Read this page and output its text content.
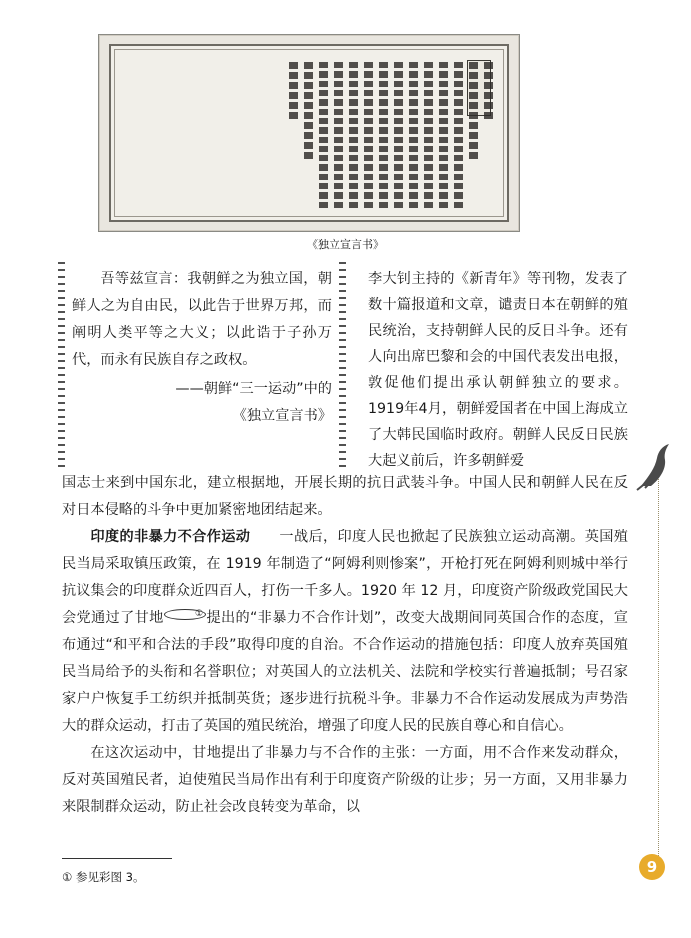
《独立宣言书》
吾等兹宣言：我朝鲜之为独立国，朝鲜人之为自由民，以此告于世界万邦，而阐明人类平等之大义；以此诰于子孙万代，而永有民族自存之政权。
——朝鲜“三一运动”中的
《独立宣言书》
李大钊主持的《新青年》等刊物，发表了数十篇报道和文章，谴责日本在朝鲜的殖民统治，支持朝鲜人民的反日斗争。还有人向出席巴黎和会的中国代表发出电报，敦促他们提出承认朝鲜独立的要求。1919年4月，朝鲜爱国者在中国上海成立了大韩民国临时政府。朝鲜人民反日民族大起义前后，许多朝鲜爱

国志士来到中国东北，建立根据地，开展长期的抗日武装斗争。中国人民和朝鲜人民在反对日本侵略的斗争中更加紧密地团结起来。

印度的非暴力不合作运动　　一战后，印度人民也掀起了民族独立运动高潮。英国殖民当局采取镇压政策，在 1919 年制造了“阿姆利则惨案”，开枪打死在阿姆利则城中举行抗议集会的印度群众近四百人，打伤一千多人。1920 年 12 月，印度资产阶级政党国民大会党通过了甘地	① 提出的“非暴力不合作计划”，改变大战期间同英国合作的态度，宣布通过“和平和合法的手段”取得印度的自治。不合作运动的措施包括：印度人放弃英国殖民当局给予的头衔和名誉职位；对英国人的立法机关、法院和学校实行普遍抵制；号召家家户户恢复手工纺织并抵制英货；逐步进行抗税斗争。非暴力不合作运动发展成为声势浩大的群众运动，打击了英国的殖民统治，增强了印度人民的民族自尊心和自信心。

在这次运动中，甘地提出了非暴力与不合作的主张：一方面，用不合作来发动群众，反对英国殖民者，迫使殖民当局作出有利于印度资产阶级的让步；另一方面，又用非暴力来限制群众运动，防止社会改良转变为革命，以

① 参见彩图 3。
9
